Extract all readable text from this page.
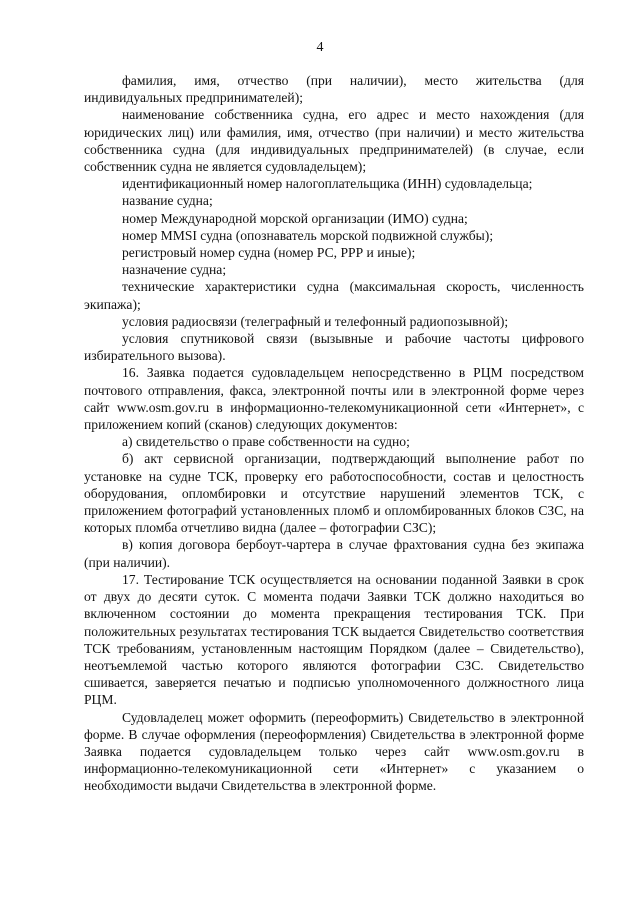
4

фамилия, имя, отчество (при наличии), место жительства (для индивидуальных предпринимателей);

наименование собственника судна, его адрес и место нахождения (для юридических лиц) или фамилия, имя, отчество (при наличии) и место жительства собственника судна (для индивидуальных предпринимателей) (в случае, если собственник судна не является судовладельцем);

идентификационный номер налогоплательщика (ИНН) судовладельца;

название судна;

номер Международной морской организации (ИМО) судна;

номер MMSI судна (опознаватель морской подвижной службы);

регистровый номер судна (номер РС, РРР и иные);

назначение судна;

технические характеристики судна (максимальная скорость, численность экипажа);

условия радиосвязи (телеграфный и телефонный радиопозывной);

условия спутниковой связи (вызывные и рабочие частоты цифрового избирательного вызова).

16. Заявка подается судовладельцем непосредственно в РЦМ посредством почтового отправления, факса, электронной почты или в электронной форме через сайт www.osm.gov.ru в информационно-телекомуникационной сети «Интернет», с приложением копий (сканов) следующих документов:

а) свидетельство о праве собственности на судно;

б) акт сервисной организации, подтверждающий выполнение работ по установке на судне ТСК, проверку его работоспособности, состав и целостность оборудования, опломбировки и отсутствие нарушений элементов ТСК, с приложением фотографий установленных пломб и опломбированных блоков СЗС, на которых пломба отчетливо видна (далее – фотографии СЗС);

в) копия договора бербоут-чартера в случае фрахтования судна без экипажа (при наличии).

17. Тестирование ТСК осуществляется на основании поданной Заявки в срок от двух до десяти суток. С момента подачи Заявки ТСК должно находиться во включенном состоянии до момента прекращения тестирования ТСК. При положительных результатах тестирования ТСК выдается Свидетельство соответствия ТСК требованиям, установленным настоящим Порядком (далее – Свидетельство), неотъемлемой частью которого являются фотографии СЗС. Свидетельство сшивается, заверяется печатью и подписью уполномоченного должностного лица РЦМ.

Судовладелец может оформить (переоформить) Свидетельство в электронной форме. В случае оформления (переоформления) Свидетельства в электронной форме Заявка подается судовладельцем только через сайт www.osm.gov.ru в информационно-телекомуникационной сети «Интернет» с указанием о необходимости выдачи Свидетельства в электронной форме.
